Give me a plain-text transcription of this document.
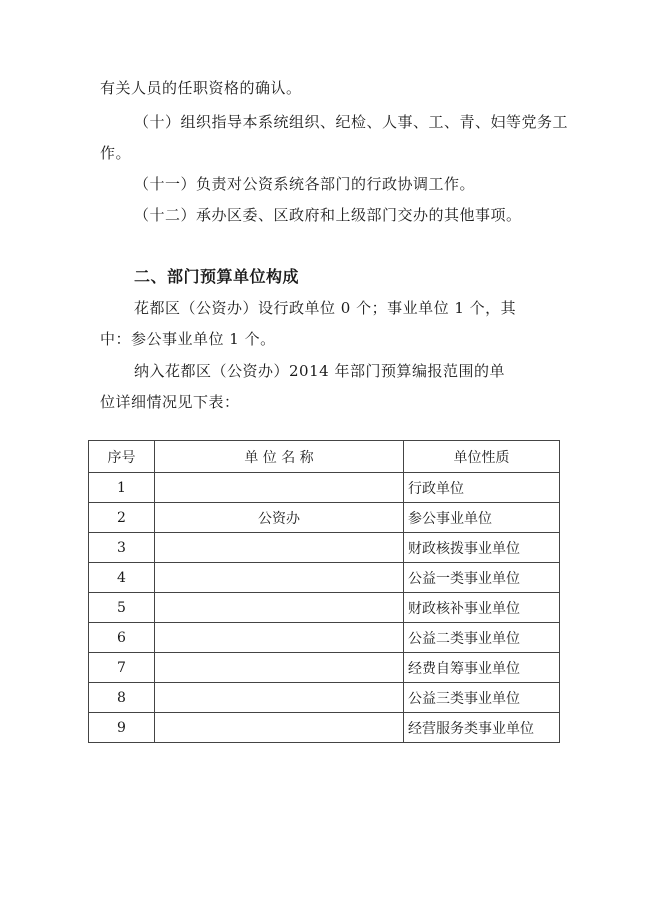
有关人员的任职资格的确认。
（十）组织指导本系统组织、纪检、人事、工、青、妇等党务工
作。
（十一）负责对公资系统各部门的行政协调工作。
（十二）承办区委、区政府和上级部门交办的其他事项。
二、部门预算单位构成
花都区（公资办）设行政单位 0 个；事业单位 1 个，其
中：参公事业单位 1 个。
纳入花都区（公资办）2014 年部门预算编报范围的单
位详细情况见下表：
序号	单 位 名 称	单位性质
1		行政单位
2	公资办	参公事业单位
3		财政核拨事业单位
4		公益一类事业单位
5		财政核补事业单位
6		公益二类事业单位
7		经费自筹事业单位
8		公益三类事业单位
9		经营服务类事业单位
